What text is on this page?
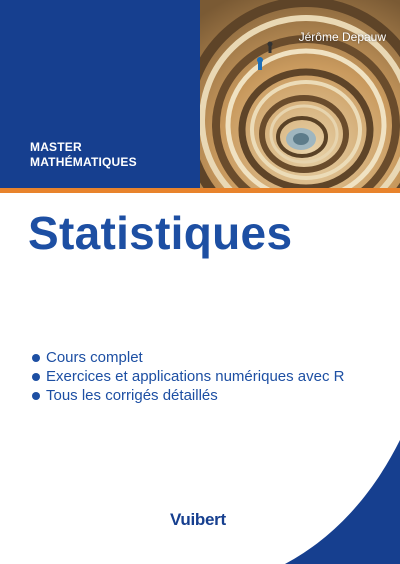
MASTER
MATHÉMATIQUES
Jérôme Depauw
Statistiques
Cours complet
Exercices et applications numériques avec R
Tous les corrigés détaillés
Vuibert
